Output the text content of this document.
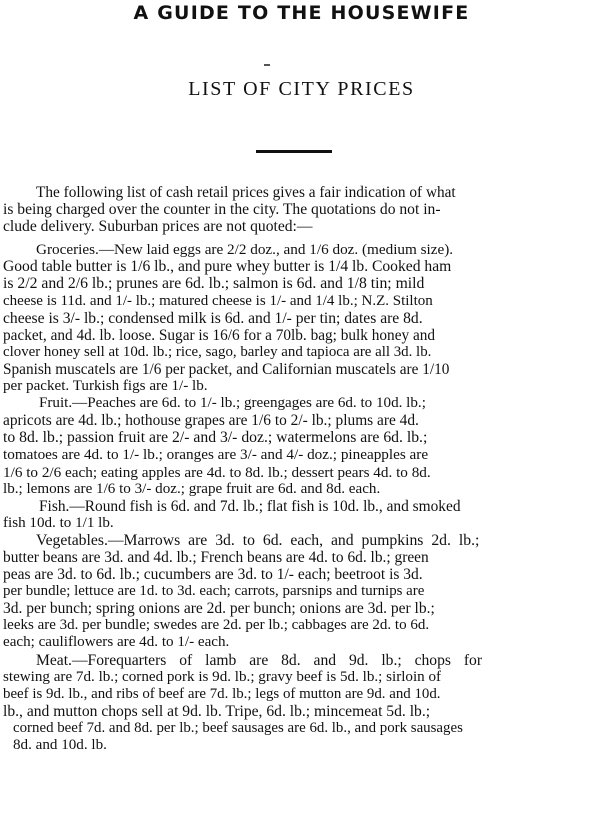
A GUIDE TO THE HOUSEWIFE
LIST OF CITY PRICES
The following list of cash retail prices gives a fair indication of what
is being charged over the counter in the city. The quotations do not in-
clude delivery. Suburban prices are not quoted:—
Groceries.—New laid eggs are 2/2 doz., and 1/6 doz. (medium size).
Good table butter is 1/6 lb., and pure whey butter is 1/4 lb. Cooked ham
is 2/2 and 2/6 lb.; prunes are 6d. lb.; salmon is 6d. and 1/8 tin; mild
cheese is 11d. and 1/- lb.; matured cheese is 1/- and 1/4 lb.; N.Z. Stilton
cheese is 3/- lb.; condensed milk is 6d. and 1/- per tin; dates are 8d.
packet, and 4d. lb. loose. Sugar is 16/6 for a 70lb. bag; bulk honey and
clover honey sell at 10d. lb.; rice, sago, barley and tapioca are all 3d. lb.
Spanish muscatels are 1/6 per packet, and Californian muscatels are 1/10
per packet. Turkish figs are 1/- lb.
Fruit.—Peaches are 6d. to 1/- lb.; greengages are 6d. to 10d. lb.;
apricots are 4d. lb.; hothouse grapes are 1/6 to 2/- lb.; plums are 4d.
to 8d. lb.; passion fruit are 2/- and 3/- doz.; watermelons are 6d. lb.;
tomatoes are 4d. to 1/- lb.; oranges are 3/- and 4/- doz.; pineapples are
1/6 to 2/6 each; eating apples are 4d. to 8d. lb.; dessert pears 4d. to 8d.
lb.; lemons are 1/6 to 3/- doz.; grape fruit are 6d. and 8d. each.
Fish.—Round fish is 6d. and 7d. lb.; flat fish is 10d. lb., and smoked
fish 10d. to 1/1 lb.
Vegetables.—Marrows are 3d. to 6d. each, and pumpkins 2d. lb.;
butter beans are 3d. and 4d. lb.; French beans are 4d. to 6d. lb.; green
peas are 3d. to 6d. lb.; cucumbers are 3d. to 1/- each; beetroot is 3d.
per bundle; lettuce are 1d. to 3d. each; carrots, parsnips and turnips are
3d. per bunch; spring onions are 2d. per bunch; onions are 3d. per lb.;
leeks are 3d. per bundle; swedes are 2d. per lb.; cabbages are 2d. to 6d.
each; cauliflowers are 4d. to 1/- each.
Meat.—Forequarters of lamb are 8d. and 9d. lb.; chops for
stewing are 7d. lb.; corned pork is 9d. lb.; gravy beef is 5d. lb.; sirloin of
beef is 9d. lb., and ribs of beef are 7d. lb.; legs of mutton are 9d. and 10d.
lb., and mutton chops sell at 9d. lb. Tripe, 6d. lb.; mincemeat 5d. lb.;
corned beef 7d. and 8d. per lb.; beef sausages are 6d. lb., and pork sausages
8d. and 10d. lb.
